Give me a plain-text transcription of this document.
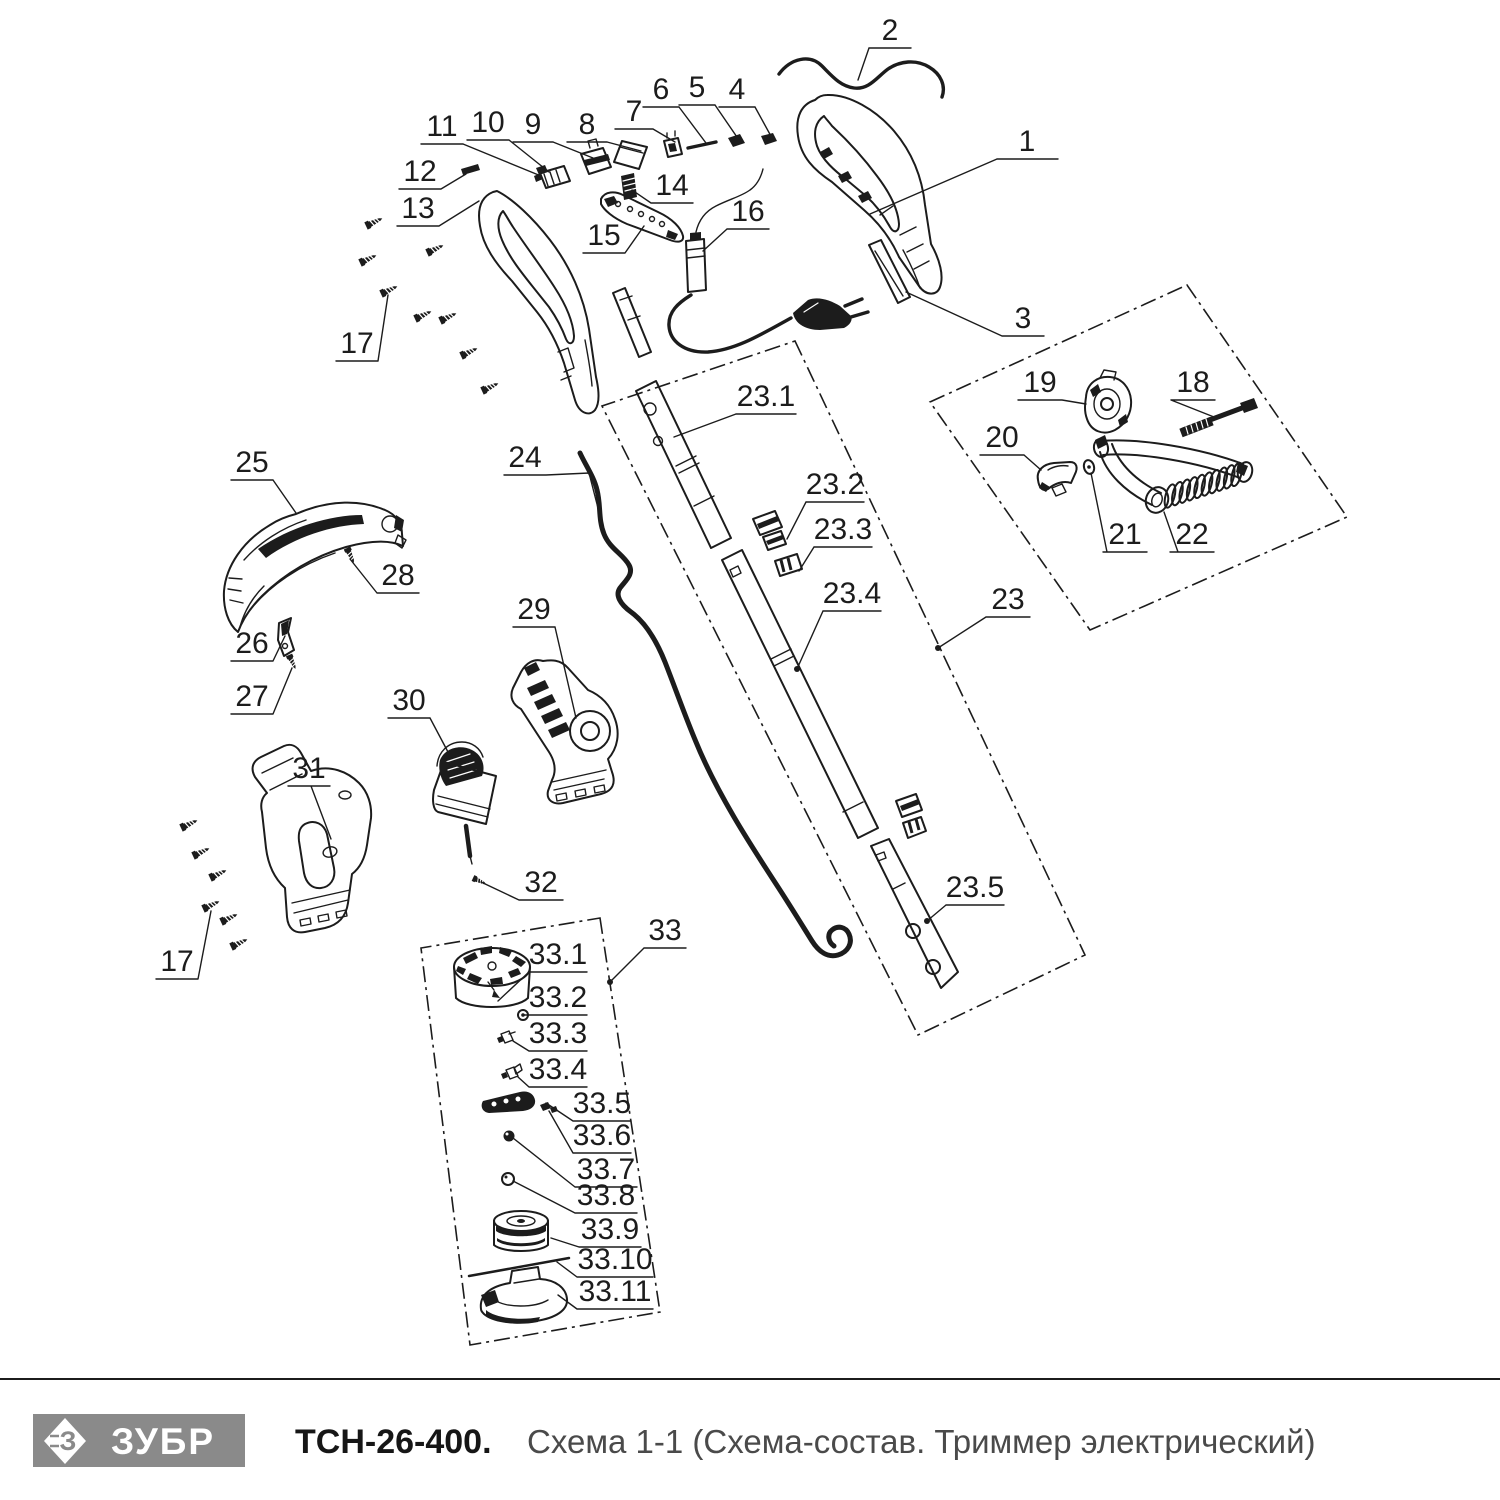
1
2
3
4
5
6
7
8
9
10
11
12
13
14
15
16
17
17
18
19
20
21 22
23
23.1
23.2
23.3
23.4
23.5
24
25
26
27
28
29
30
31
32
33
33.1
33.2
33.3
33.4
33.5
33.6
33.7
33.8
33.9
33.10
33.11
З ЗУБР ТСН-26-400. Схема 1-1 (Схема-состав. Триммер электрический)
